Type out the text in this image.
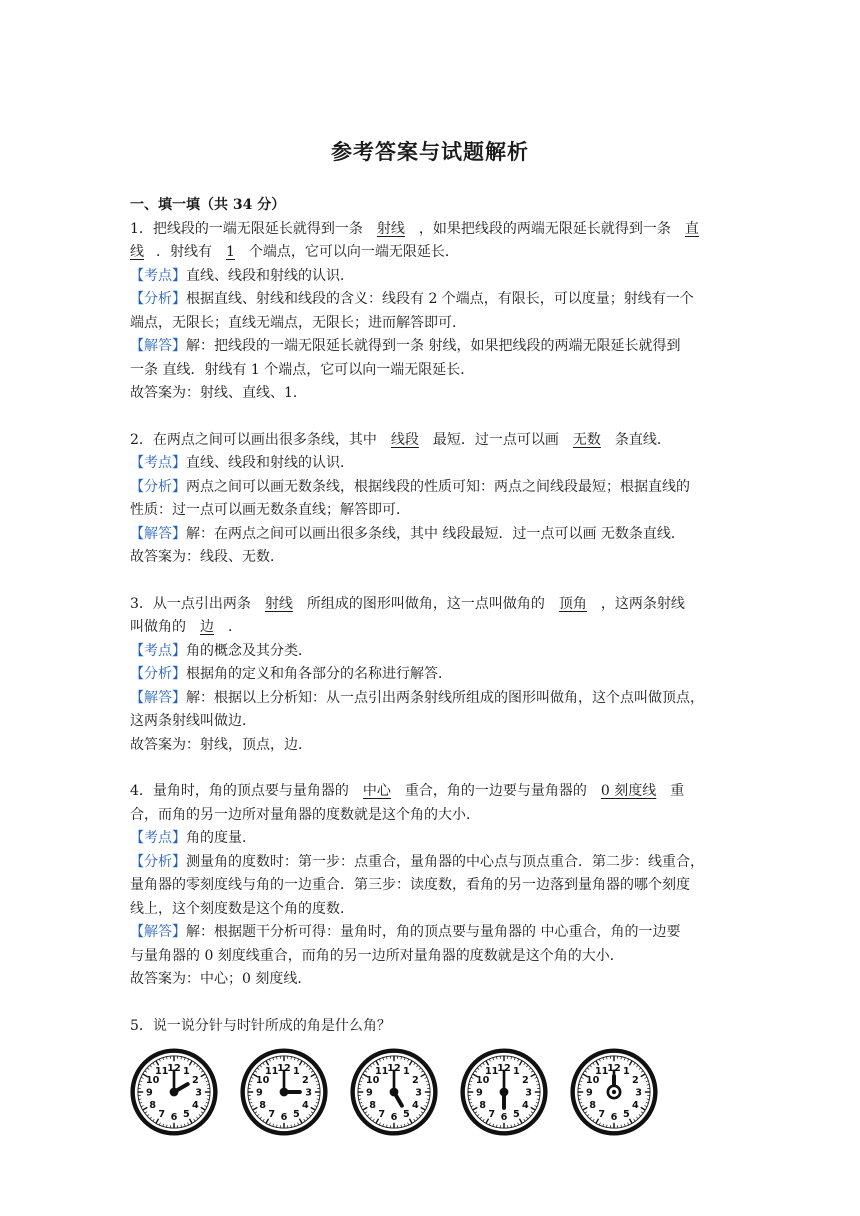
参考答案与试题解析
一、填一填（共 34 分）
1．把线段的一端无限延长就得到一条 射线 ，如果把线段的两端无限延长就得到一条 直
线 ．射线有 1 个端点，它可以向一端无限延长．
【考点】直线、线段和射线的认识．
【分析】根据直线、射线和线段的含义：线段有 2 个端点，有限长，可以度量；射线有一个
端点，无限长；直线无端点，无限长；进而解答即可．
【解答】解：把线段的一端无限延长就得到一条 射线，如果把线段的两端无限延长就得到
一条 直线．射线有 1 个端点，它可以向一端无限延长．
故答案为：射线、直线、1．
2．在两点之间可以画出很多条线，其中 线段 最短．过一点可以画 无数 条直线．
【考点】直线、线段和射线的认识．
【分析】两点之间可以画无数条线，根据线段的性质可知：两点之间线段最短；根据直线的
性质：过一点可以画无数条直线；解答即可．
【解答】解：在两点之间可以画出很多条线，其中 线段最短．过一点可以画 无数条直线．
故答案为：线段、无数．
3．从一点引出两条 射线 所组成的图形叫做角，这一点叫做角的 顶角 ，这两条射线
叫做角的 边 ．
【考点】角的概念及其分类．
【分析】根据角的定义和角各部分的名称进行解答．
【解答】解：根据以上分析知：从一点引出两条射线所组成的图形叫做角，这个点叫做顶点，
这两条射线叫做边．
故答案为：射线，顶点，边．
4．量角时，角的顶点要与量角器的 中心 重合，角的一边要与量角器的 0 刻度线 重
合，而角的另一边所对量角器的度数就是这个角的大小．
【考点】角的度量．
【分析】测量角的度数时：第一步：点重合，量角器的中心点与顶点重合．第二步：线重合，
量角器的零刻度线与角的一边重合．第三步：读度数，看角的另一边落到量角器的哪个刻度
线上，这个刻度数是这个角的度数．
【解答】解：根据题干分析可得：量角时，角的顶点要与量角器的 中心重合，角的一边要
与量角器的 0 刻度线重合，而角的另一边所对量角器的度数就是这个角的大小．
故答案为：中心；0 刻度线．
5．说一说分针与时针所成的角是什么角？
12 1
2
3
4
5
6
7
8
9
10
11	12 1
2
3
4
5
6
7
8
9
10
11	12 1
2
3
4
5
6
7
8
9
10
11	12 1
2
3
4
5
6
7
8
9
10
11	12 1
2
3
4
5
6
7
8
9
10
11
